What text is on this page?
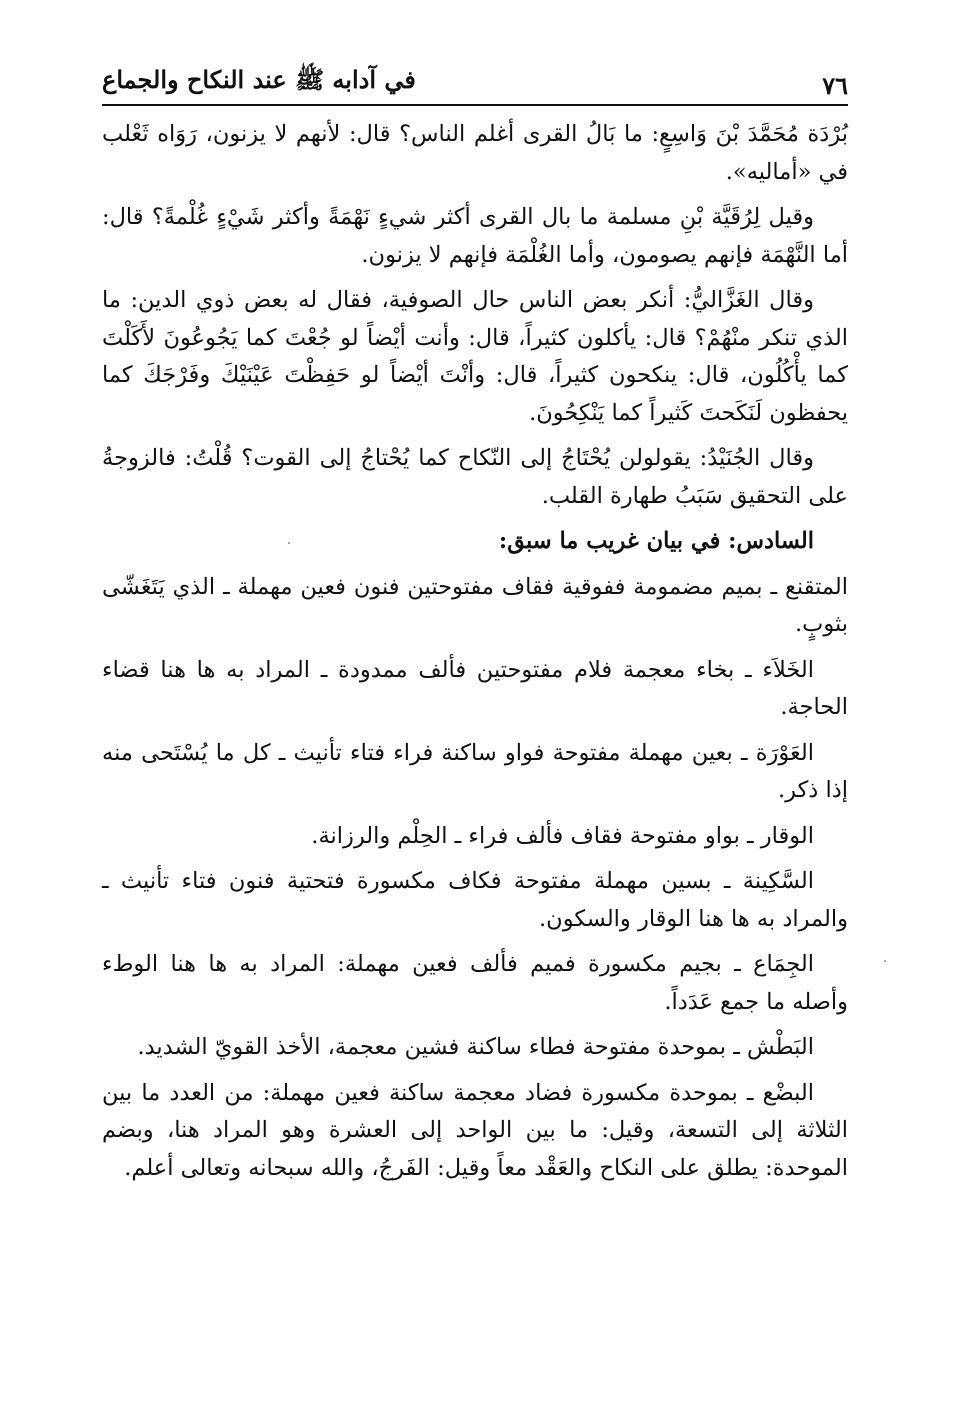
٧٦
في آدابه ﷺ عند النكاح والجماع

بُرْدَة مُحَمَّدَ بْنَ وَاسِعٍ: ما بَالُ القرى أغلم الناس؟ قال: لأنهم لا يزنون، رَوَاه ثَعْلب في «أماليه».

وقيل لِرُقَيَّة بْنِ مسلمة ما بال القرى أكثر شيءٍ نَهْمَةً وأكثر شَيْءٍ غُلْمةً؟ قال: أما النَّهْمَة فإنهم يصومون، وأما الغُلْمَة فإنهم لا يزنون.

وقال الغَزَّاليُّ: أنكر بعض الناس حال الصوفية، فقال له بعض ذوي الدين: ما الذي تنكر منْهُمْ؟ قال: يأكلون كثيراً، قال: وأنت أيْضاً لو جُعْتَ كما يَجُوعُونَ لأَكَلْتَ كما يأْكُلُون، قال: ينكحون كثيراً، قال: وأنْتَ أيْضاً لو حَفِظْتَ عَيْنَيْكَ وفَرْجَكَ كما يحفظون لَنَكَحتَ كَثيراً كما يَنْكِحُونَ.

وقال الجُنَيْدُ: يقولولن يُحْتَاجُ إلى النّكاح كما يُحْتاجُ إلى القوت؟ قُلْتُ: فالزوجةُ على التحقيق سَبَبُ طهارة القلب.

السادس: في بيان غريب ما سبق:

المتقنع ـ بميم مضمومة ففوقية فقاف مفتوحتين فنون فعين مهملة ـ الذي يَتَغَشّى بثوبٍ.

الخَلاَء ـ بخاء معجمة فلام مفتوحتين فألف ممدودة ـ المراد به ها هنا قضاء الحاجة.

العَوْرَة ـ بعين مهملة مفتوحة فواو ساكنة فراء فتاء تأنيث ـ كل ما يُسْتَحى منه إذا ذكر.

الوقار ـ بواو مفتوحة فقاف فألف فراء ـ الحِلْم والرزانة.

السَّكِينة ـ بسين مهملة مفتوحة فكاف مكسورة فتحتية فنون فتاء تأنيث ـ والمراد به ها هنا الوقار والسكون.

الجِمَاع ـ بجيم مكسورة فميم فألف فعين مهملة: المراد به ها هنا الوطء وأصله ما جمع عَدَداً.

البَطْش ـ بموحدة مفتوحة فطاء ساكنة فشين معجمة، الأخذ القويّ الشديد.

البضْع ـ بموحدة مكسورة فضاد معجمة ساكنة فعين مهملة: من العدد ما بين الثلاثة إلى التسعة، وقيل: ما بين الواحد إلى العشرة وهو المراد هنا، وبضم الموحدة: يطلق على النكاح والعَقْد معاً وقيل: الفَرجُ، والله سبحانه وتعالى أعلم.
